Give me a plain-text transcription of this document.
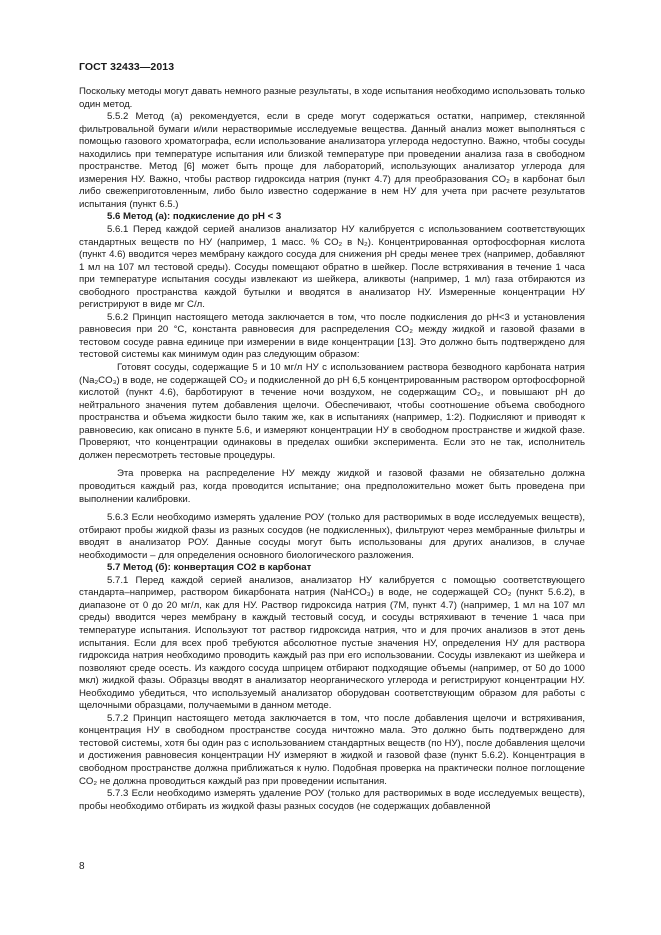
ГОСТ 32433—2013

Поскольку методы могут давать немного разные результаты, в ходе испытания необходимо использовать только один метод.

5.5.2 Метод (а) рекомендуется, если в среде могут содержаться остатки, например, стеклянной фильтровальной бумаги и/или нерастворимые исследуемые вещества. Данный анализ может выполняться с помощью газового хроматографа, если использование анализатора углерода недоступно. Важно, чтобы сосуды находились при температуре испытания или близкой температуре при проведении анализа газа в свободном пространстве. Метод [6] может быть проще для лабораторий, использующих анализатор углерода для измерения НУ. Важно, чтобы раствор гидроксида натрия (пункт 4.7) для преобразования CO₂ в карбонат был либо свежеприготовленным, либо было известно содержание в нем НУ для учета при расчете результатов испытания (пункт 6.5.)

5.6 Метод (а): подкисление до pH < 3

5.6.1 Перед каждой серией анализов анализатор НУ калибруется с использованием соответствующих стандартных веществ по НУ (например, 1 масс. % CO₂ в N₂). Концентрированная ортофосфорная кислота (пункт 4.6) вводится через мембрану каждого сосуда для снижения pH среды менее трех (например, добавляют 1 мл на 107 мл тестовой среды). Сосуды помещают обратно в шейкер. После встряхивания в течение 1 часа при температуре испытания сосуды извлекают из шейкера, аликвоты (например, 1 мл) газа отбираются из свободного пространства каждой бутылки и вводятся в анализатор НУ. Измеренные концентрации НУ регистрируют в виде мг С/л.

5.6.2 Принцип настоящего метода заключается в том, что после подкисления до pH<3 и установления равновесия при 20 °С, константа равновесия для распределения CO₂ между жидкой и газовой фазами в тестовом сосуде равна единице при измерении в виде концентрации [13]. Это должно быть подтверждено для тестовой системы как минимум один раз следующим образом:

Готовят сосуды, содержащие 5 и 10 мг/л НУ с использованием раствора безводного карбоната натрия (Na₂CO₃) в воде, не содержащей CO₂ и подкисленной до pH 6,5 концентрированным раствором ортофосфорной кислотой (пункт 4.6), барботируют в течение ночи воздухом, не содержащим CO₂, и повышают pH до нейтрального значения путем добавления щелочи. Обеспечивают, чтобы соотношение объема свободного пространства и объема жидкости было таким же, как в испытаниях (например, 1:2). Подкисляют и приводят к равновесию, как описано в пункте 5.6, и измеряют концентрации НУ в свободном пространстве и жидкой фазе. Проверяют, что концентрации одинаковы в пределах ошибки эксперимента. Если это не так, исполнитель должен пересмотреть тестовые процедуры.

Эта проверка на распределение НУ между жидкой и газовой фазами не обязательно должна проводиться каждый раз, когда проводится испытание; она предположительно может быть проведена при выполнении калибровки.

5.6.3 Если необходимо измерять удаление РОУ (только для растворимых в воде исследуемых веществ), отбирают пробы жидкой фазы из разных сосудов (не подкисленных), фильтруют через мембранные фильтры и вводят в анализатор РОУ. Данные сосуды могут быть использованы для других анализов, в случае необходимости – для определения основного биологического разложения.

5.7 Метод (б): конвертация CO2 в карбонат

5.7.1 Перед каждой серией анализов, анализатор НУ калибруется с помощью соответствующего стандарта–например, раствором бикарбоната натрия (NaHCO₃) в воде, не содержащей CO₂ (пункт 5.6.2), в диапазоне от 0 до 20 мг/л, как для НУ. Раствор гидроксида натрия (7М, пункт 4.7) (например, 1 мл на 107 мл среды) вводится через мембрану в каждый тестовый сосуд, и сосуды встряхивают в течение 1 часа при температуре испытания. Используют тот раствор гидроксида натрия, что и для прочих анализов в этот день испытания. Если для всех проб требуются абсолютное пустые значения НУ, определения НУ для раствора гидроксида натрия необходимо проводить каждый раз при его использовании. Сосуды извлекают из шейкера и позволяют среде осесть. Из каждого сосуда шприцем отбирают подходящие объемы (например, от 50 до 1000 мкл) жидкой фазы. Образцы вводят в анализатор неорганического углерода и регистрируют концентрации НУ. Необходимо убедиться, что используемый анализатор оборудован соответствующим образом для работы с щелочными образцами, получаемыми в данном методе.

5.7.2 Принцип настоящего метода заключается в том, что после добавления щелочи и встряхивания, концентрация НУ в свободном пространстве сосуда ничтожно мала. Это должно быть подтверждено для тестовой системы, хотя бы один раз с использованием стандартных веществ (по НУ), после добавления щелочи и достижения равновесия концентрации НУ измеряют в жидкой и газовой фазе (пункт 5.6.2). Концентрация в свободном пространстве должна приближаться к нулю. Подобная проверка на практически полное поглощение CO₂ не должна проводиться каждый раз при проведении испытания.

5.7.3 Если необходимо измерять удаление РОУ (только для растворимых в воде исследуемых веществ), пробы необходимо отбирать из жидкой фазы разных сосудов (не содержащих добавленной

8
